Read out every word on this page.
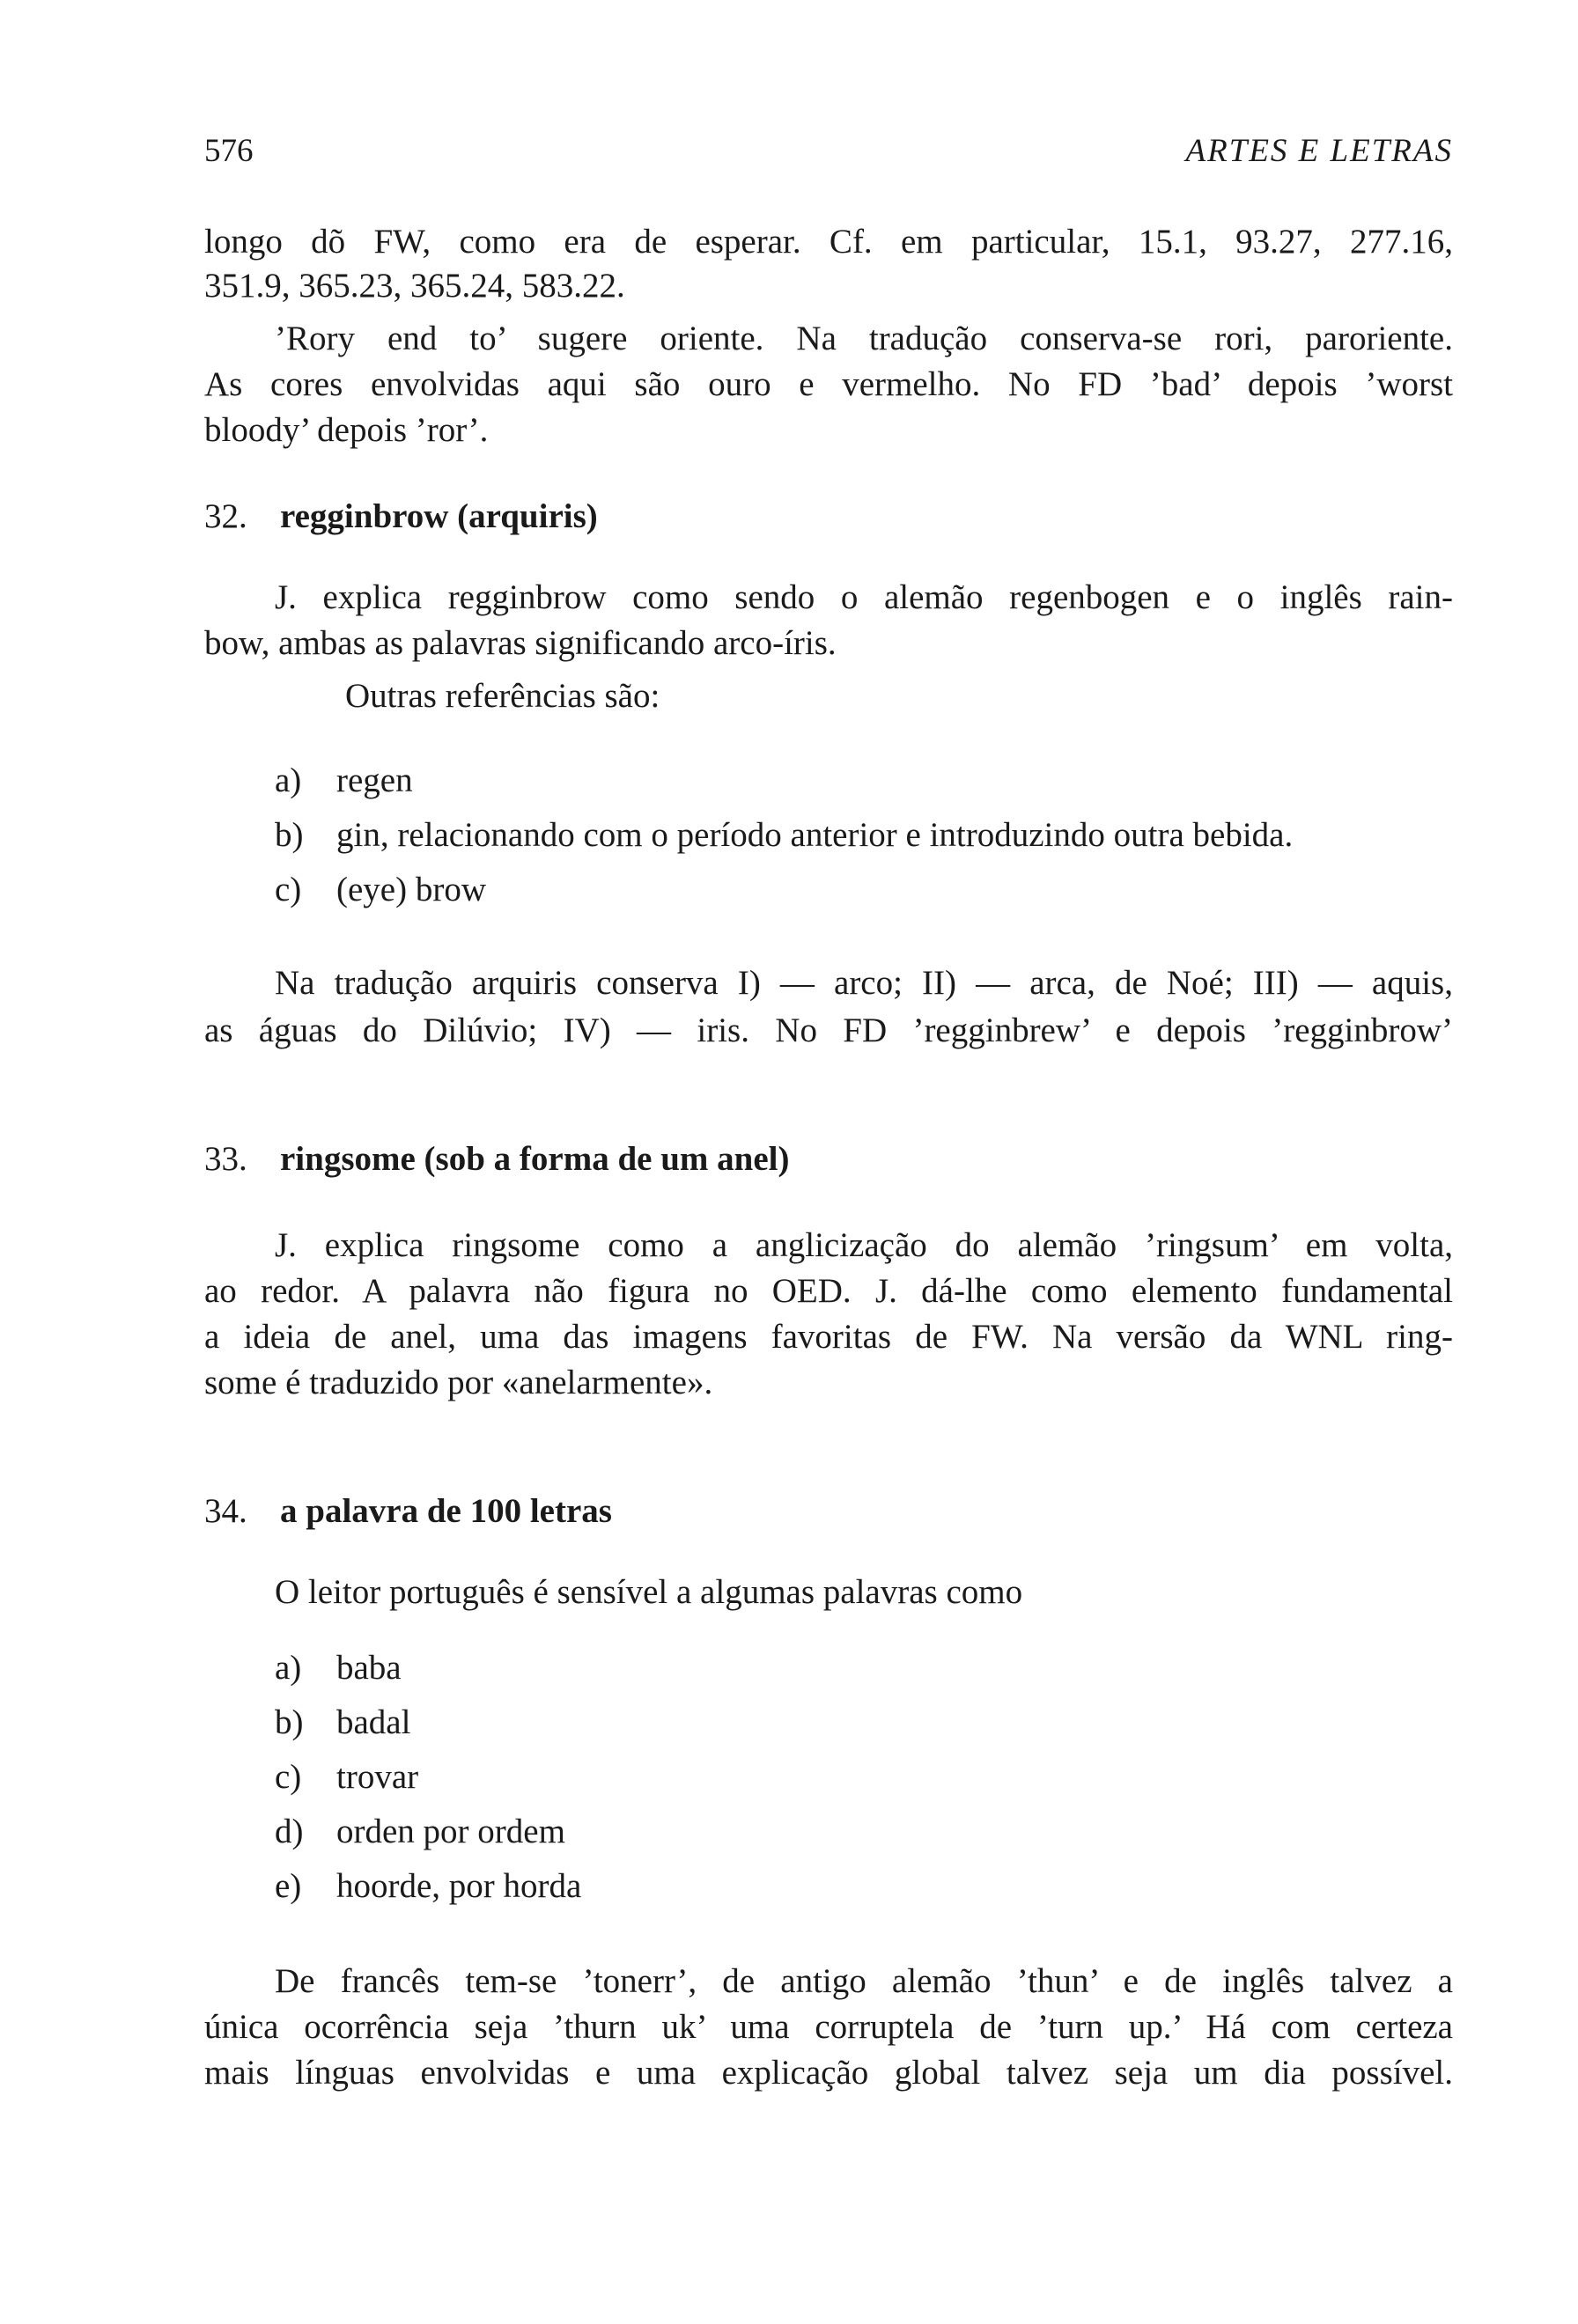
576	ARTES E LETRAS
longo dõ FW, como era de esperar. Cf. em particular, 15.1, 93.27, 277.16,
351.9, 365.23, 365.24, 583.22.
’Rory end to’ sugere oriente. Na tradução conserva-se rori, paroriente.
As cores envolvidas aqui são ouro e vermelho. No FD ’bad’ depois ’worst
bloody’ depois ’ror’.
32. regginbrow (arquiris)
J. explica regginbrow como sendo o alemão regenbogen e o inglês rain-
bow, ambas as palavras significando arco-íris.
Outras referências são:
a) regen
b) gin, relacionando com o período anterior e introduzindo outra bebida.
c) (eye) brow
Na tradução arquiris conserva I) — arco; II) — arca, de Noé; III) — aquis,
as águas do Dilúvio; IV) — iris. No FD ’regginbrew’ e depois ’regginbrow’
33. ringsome (sob a forma de um anel)
J. explica ringsome como a anglicização do alemão ’ringsum’ em volta,
ao redor. A palavra não figura no OED. J. dá-lhe como elemento fundamental
a ideia de anel, uma das imagens favoritas de FW. Na versão da WNL ring-
some é traduzido por «anelarmente».
34. a palavra de 100 letras
O leitor português é sensível a algumas palavras como
a) baba
b) badal
c) trovar
d) orden por ordem
e) hoorde, por horda
De francês tem-se ’tonerr’, de antigo alemão ’thun’ e de inglês talvez a
única ocorrência seja ’thurn uk’ uma corruptela de ’turn up.’ Há com certeza
mais línguas envolvidas e uma explicação global talvez seja um dia possível.
